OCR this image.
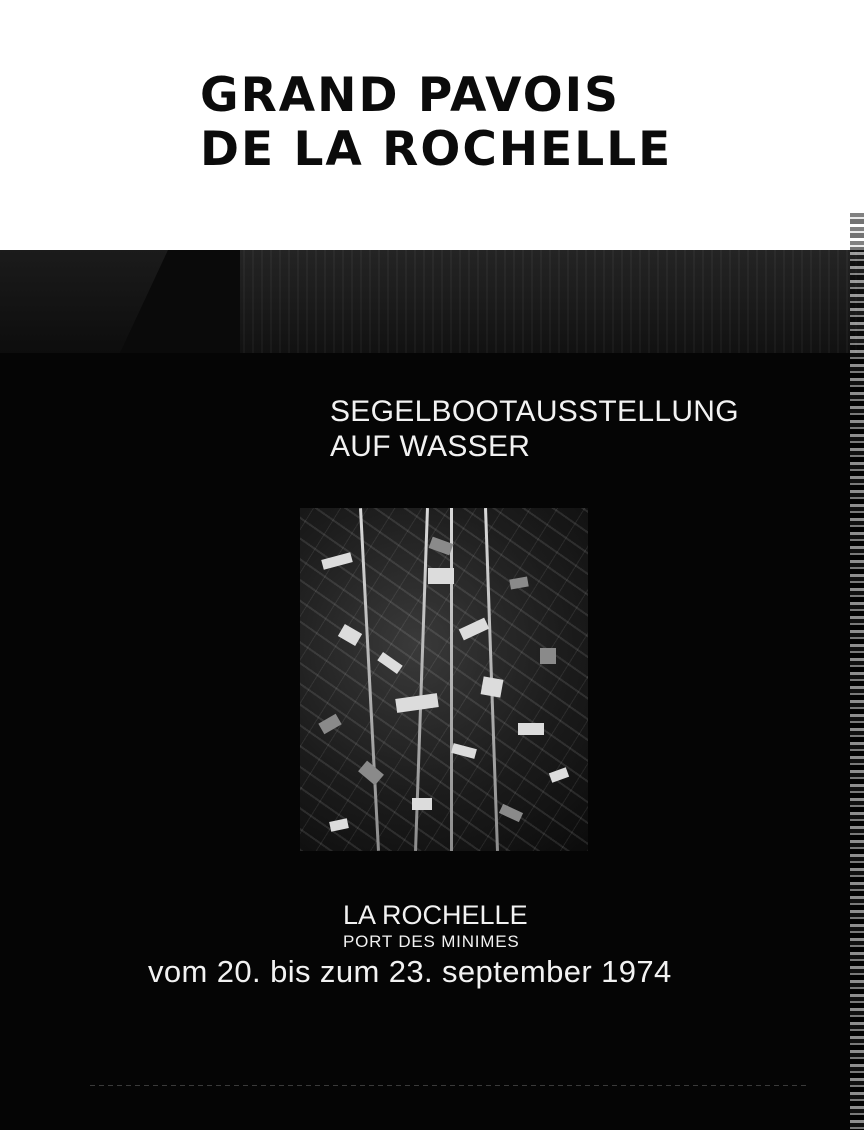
GRAND PAVOIS
DE LA ROCHELLE

SEGELBOOTAUSSTELLUNG

AUF WASSER

LA ROCHELLE

PORT DES MINIMES

vom 20. bis zum 23. september 1974
